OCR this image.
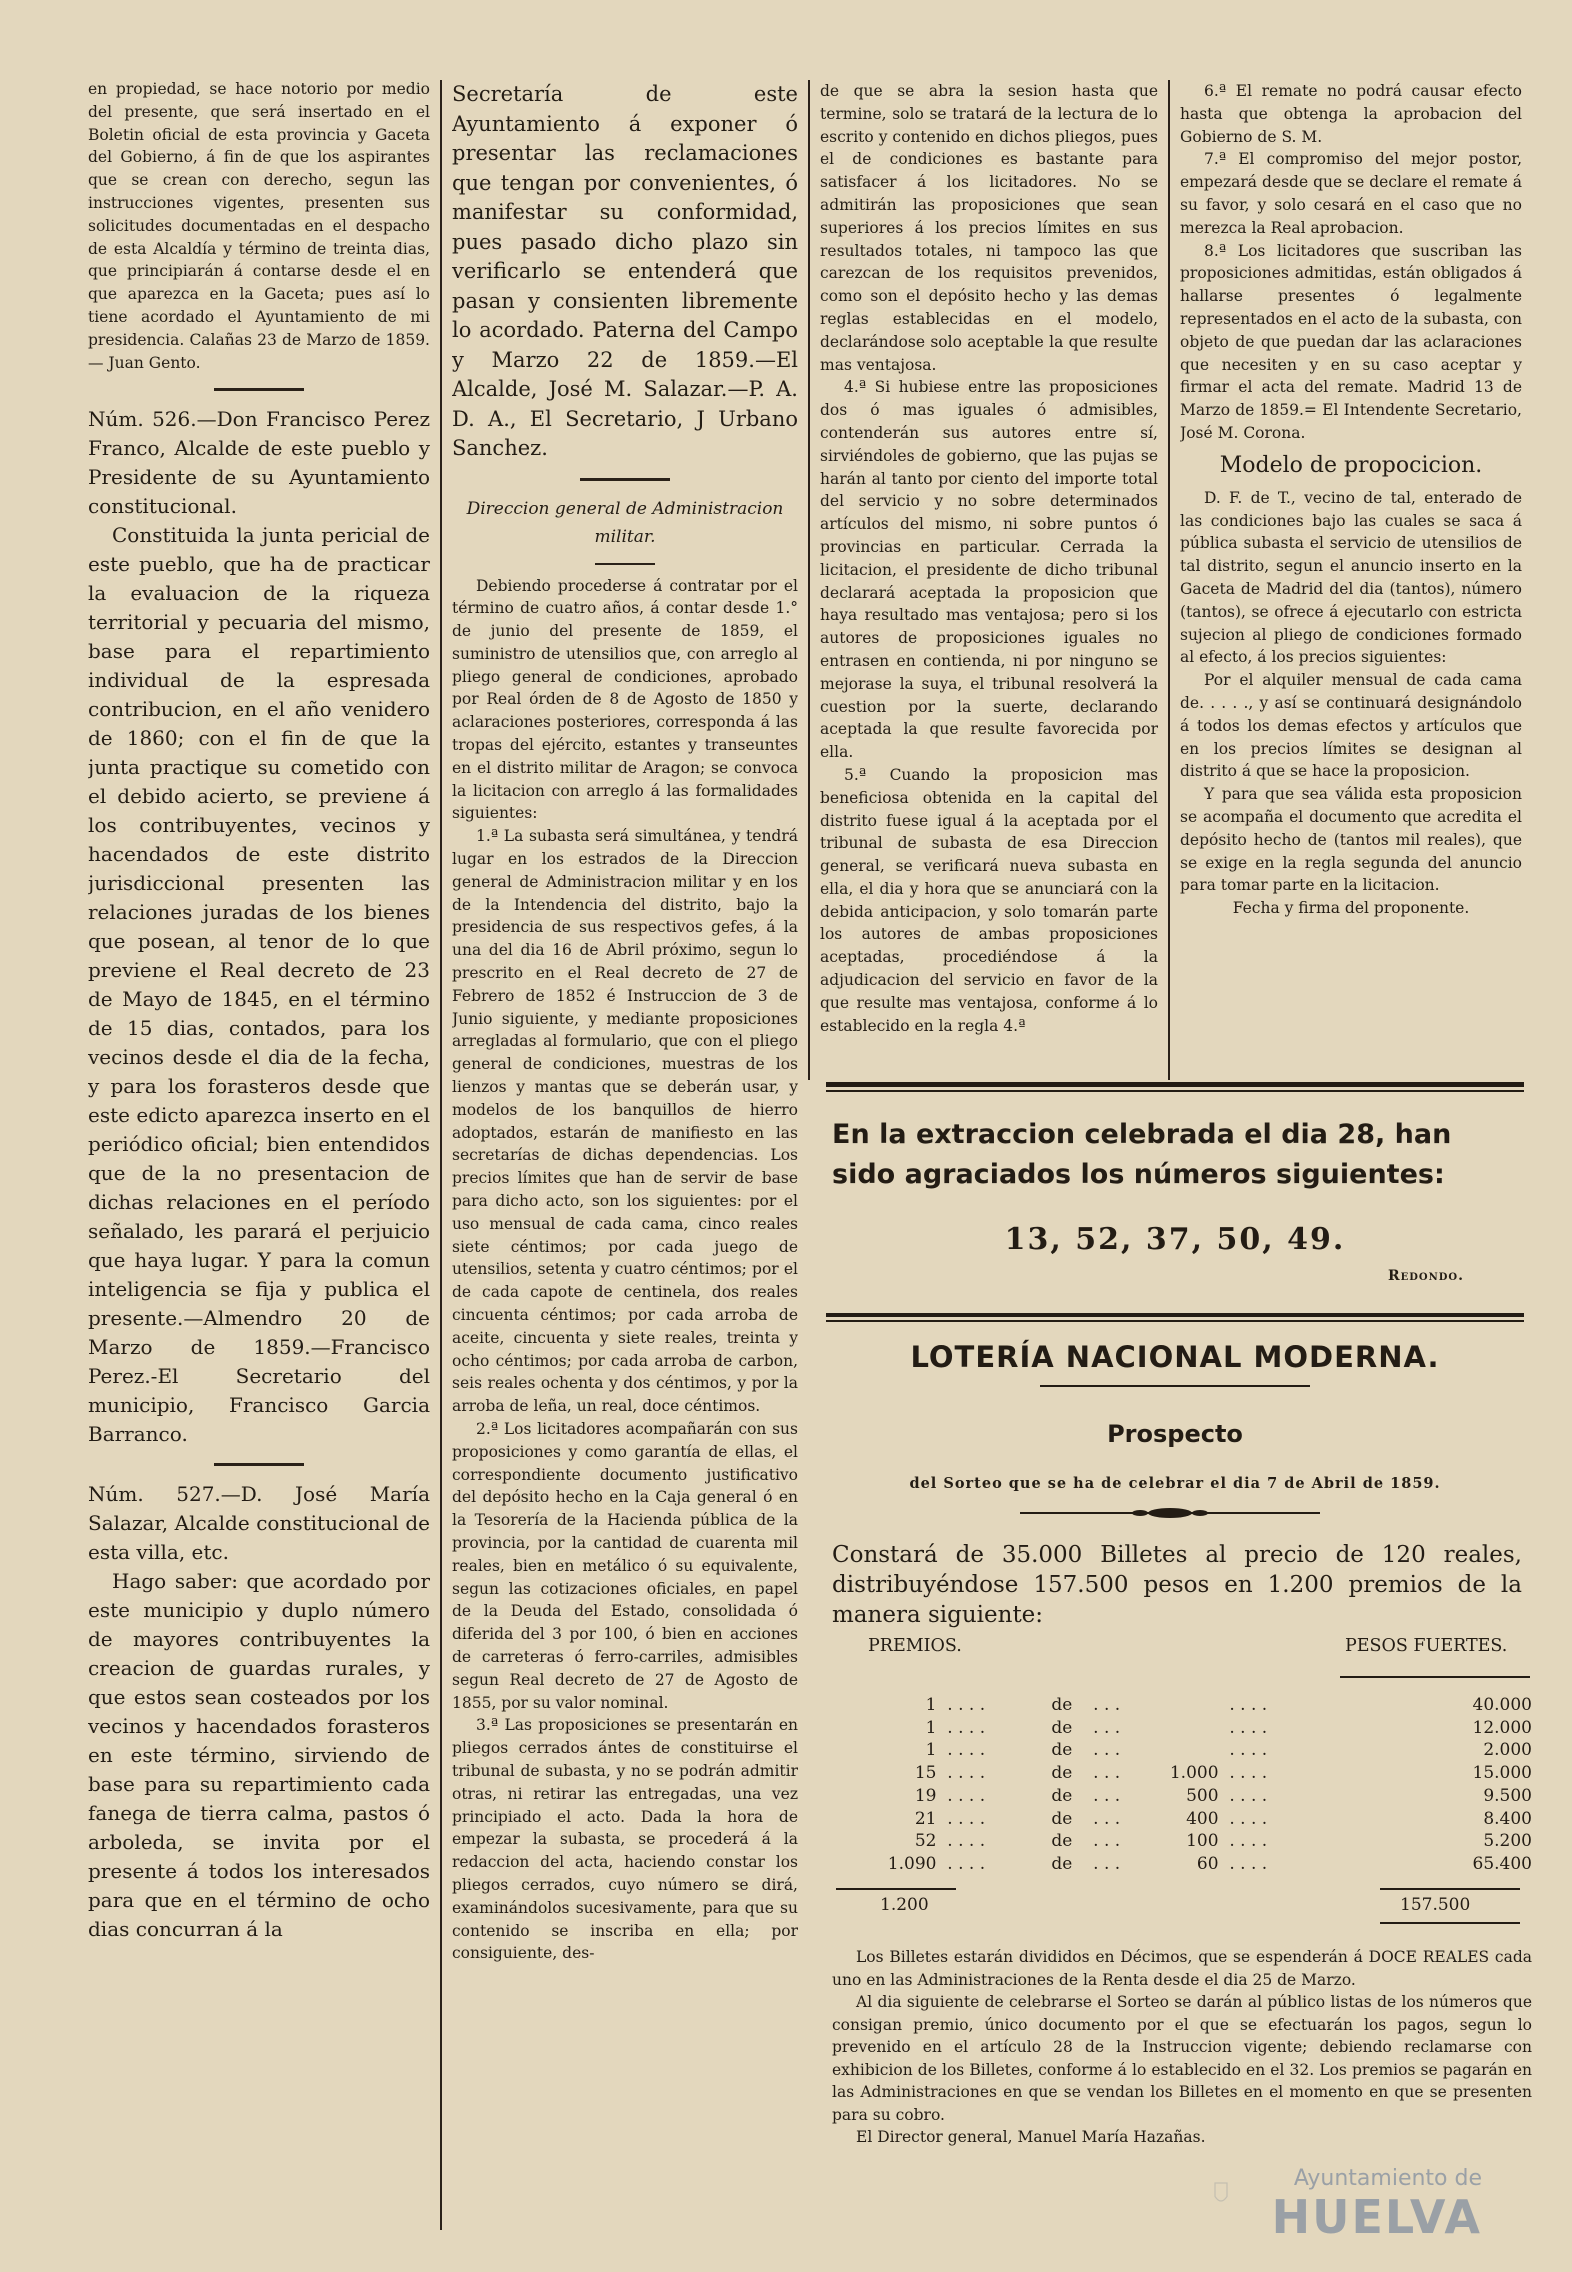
en propiedad, se hace notorio por medio del presente, que será insertado en el Boletin oficial de esta provincia y Gaceta del Gobierno, á fin de que los aspirantes que se crean con derecho, segun las instrucciones vigentes, presenten sus solicitudes documentadas en el despacho de esta Alcaldía y término de treinta dias, que principiarán á contarse desde el en que aparezca en la Gaceta; pues así lo tiene acordado el Ayuntamiento de mi presidencia. Calañas 23 de Marzo de 1859.— Juan Gento.

Núm. 526.—Don Francisco Perez Franco, Alcalde de este pueblo y Presidente de su Ayuntamiento constitucional.

Constituida la junta pericial de este pueblo, que ha de practicar la evaluacion de la riqueza territorial y pecuaria del mismo, base para el repartimiento individual de la espresada contribucion, en el año venidero de 1860; con el fin de que la junta practique su cometido con el debido acierto, se previene á los contribuyentes, vecinos y hacendados de este distrito jurisdiccional presenten las relaciones juradas de los bienes que posean, al tenor de lo que previene el Real decreto de 23 de Mayo de 1845, en el término de 15 dias, contados, para los vecinos desde el dia de la fecha, y para los forasteros desde que este edicto aparezca inserto en el periódico oficial; bien entendidos que de la no presentacion de dichas relaciones en el período señalado, les parará el perjuicio que haya lugar. Y para la comun inteligencia se fija y publica el presente.—Almendro 20 de Marzo de 1859.—Francisco Perez.-El Secretario del municipio, Francisco Garcia Barranco.

Núm. 527.—D. José María Salazar, Alcalde constitucional de esta villa, etc.

Hago saber: que acordado por este municipio y duplo número de mayores contribuyentes la creacion de guardas rurales, y que estos sean costeados por los vecinos y hacendados forasteros en este término, sirviendo de base para su repartimiento cada fanega de tierra calma, pastos ó arboleda, se invita por el presente á todos los interesados para que en el término de ocho dias concurran á la

Secretaría de este Ayuntamiento á exponer ó presentar las reclamaciones que tengan por convenientes, ó manifestar su conformidad, pues pasado dicho plazo sin verificarlo se entenderá que pasan y consienten libremente lo acordado. Paterna del Campo y Marzo 22 de 1859.—El Alcalde, José M. Salazar.—P. A. D. A., El Secretario, J Urbano Sanchez.

Direccion general de Administracion militar.

Debiendo procederse á contratar por el término de cuatro años, á contar desde 1.° de junio del presente de 1859, el suministro de utensilios que, con arreglo al pliego general de condiciones, aprobado por Real órden de 8 de Agosto de 1850 y aclaraciones posteriores, corresponda á las tropas del ejército, estantes y transeuntes en el distrito militar de Aragon; se convoca la licitacion con arreglo á las formalidades siguientes:

1.ª La subasta será simultánea, y tendrá lugar en los estrados de la Direccion general de Administracion militar y en los de la Intendencia del distrito, bajo la presidencia de sus respectivos gefes, á la una del dia 16 de Abril próximo, segun lo prescrito en el Real decreto de 27 de Febrero de 1852 é Instruccion de 3 de Junio siguiente, y mediante proposiciones arregladas al formulario, que con el pliego general de condiciones, muestras de los lienzos y mantas que se deberán usar, y modelos de los banquillos de hierro adoptados, estarán de manifiesto en las secretarías de dichas dependencias. Los precios límites que han de servir de base para dicho acto, son los siguientes: por el uso mensual de cada cama, cinco reales siete céntimos; por cada juego de utensilios, setenta y cuatro céntimos; por el de cada capote de centinela, dos reales cincuenta céntimos; por cada arroba de aceite, cincuenta y siete reales, treinta y ocho céntimos; por cada arroba de carbon, seis reales ochenta y dos céntimos, y por la arroba de leña, un real, doce céntimos.

2.ª Los licitadores acompañarán con sus proposiciones y como garantía de ellas, el correspondiente documento justificativo del depósito hecho en la Caja general ó en la Tesorería de la Hacienda pública de la provincia, por la cantidad de cuarenta mil reales, bien en metálico ó su equivalente, segun las cotizaciones oficiales, en papel de la Deuda del Estado, consolidada ó diferida del 3 por 100, ó bien en acciones de carreteras ó ferro-carriles, admisibles segun Real decreto de 27 de Agosto de 1855, por su valor nominal.

3.ª Las proposiciones se presentarán en pliegos cerrados ántes de constituirse el tribunal de subasta, y no se podrán admitir otras, ni retirar las entregadas, una vez principiado el acto. Dada la hora de empezar la subasta, se procederá á la redaccion del acta, haciendo constar los pliegos cerrados, cuyo número se dirá, examinándolos sucesivamente, para que su contenido se inscriba en ella; por consiguiente, des-

de que se abra la sesion hasta que termine, solo se tratará de la lectura de lo escrito y contenido en dichos pliegos, pues el de condiciones es bastante para satisfacer á los licitadores. No se admitirán las proposiciones que sean superiores á los precios límites en sus resultados totales, ni tampoco las que carezcan de los requisitos prevenidos, como son el depósito hecho y las demas reglas establecidas en el modelo, declarándose solo aceptable la que resulte mas ventajosa.

4.ª Si hubiese entre las proposiciones dos ó mas iguales ó admisibles, contenderán sus autores entre sí, sirviéndoles de gobierno, que las pujas se harán al tanto por ciento del importe total del servicio y no sobre determinados artículos del mismo, ni sobre puntos ó provincias en particular. Cerrada la licitacion, el presidente de dicho tribunal declarará aceptada la proposicion que haya resultado mas ventajosa; pero si los autores de proposiciones iguales no entrasen en contienda, ni por ninguno se mejorase la suya, el tribunal resolverá la cuestion por la suerte, declarando aceptada la que resulte favorecida por ella.

5.ª Cuando la proposicion mas beneficiosa obtenida en la capital del distrito fuese igual á la aceptada por el tribunal de subasta de esa Direccion general, se verificará nueva subasta en ella, el dia y hora que se anunciará con la debida anticipacion, y solo tomarán parte los autores de ambas proposiciones aceptadas, procediéndose á la adjudicacion del servicio en favor de la que resulte mas ventajosa, conforme á lo establecido en la regla 4.ª

6.ª El remate no podrá causar efecto hasta que obtenga la aprobacion del Gobierno de S. M.

7.ª El compromiso del mejor postor, empezará desde que se declare el remate á su favor, y solo cesará en el caso que no merezca la Real aprobacion.

8.ª Los licitadores que suscriban las proposiciones admitidas, están obligados á hallarse presentes ó legalmente representados en el acto de la subasta, con objeto de que puedan dar las aclaraciones que necesiten y en su caso aceptar y firmar el acta del remate. Madrid 13 de Marzo de 1859.= El Intendente Secretario, José M. Corona.

Modelo de propocicion.

D. F. de T., vecino de tal, enterado de las condiciones bajo las cuales se saca á pública subasta el servicio de utensilios de tal distrito, segun el anuncio inserto en la Gaceta de Madrid del dia (tantos), número (tantos), se ofrece á ejecutarlo con estricta sujecion al pliego de condiciones formado al efecto, á los precios siguientes:

Por el alquiler mensual de cada cama de. . . . ., y así se continuará designándolo á todos los demas efectos y artículos que en los precios límites se designan al distrito á que se hace la proposicion.

Y para que sea válida esta proposicion se acompaña el documento que acredita el depósito hecho de (tantos mil reales), que se exige en la regla segunda del anuncio para tomar parte en la licitacion.

Fecha y firma del proponente.

En la extraccion celebrada el dia 28, han sido agraciados los números siguientes:

13, 52, 37, 50, 49.

Redondo.

LOTERÍA NACIONAL MODERNA.

Prospecto

del Sorteo que se ha de celebrar el dia 7 de Abril de 1859.

Constará de 35.000 Billetes al precio de 120 reales, distribuyéndose 157.500 pesos en 1.200 premios de la manera siguiente:

PREMIOS.	PESOS FUERTES.
1	. . . .	de	. . .		. . . .	40.000
1	. . . .	de	. . .		. . . .	12.000
1	. . . .	de	. . .		. . . .	2.000
15	. . . .	de	. . .	1.000	. . . .	15.000
19	. . . .	de	. . .	500	. . . .	9.500
21	. . . .	de	. . .	400	. . . .	8.400
52	. . . .	de	. . .	100	. . . .	5.200
1.090	. . . .	de	. . .	60	. . . .	65.400
1.200	157.500

Los Billetes estarán divididos en Décimos, que se espenderán á DOCE REALES cada uno en las Administraciones de la Renta desde el dia 25 de Marzo.

Al dia siguiente de celebrarse el Sorteo se darán al público listas de los números que consigan premio, único documento por el que se efectuarán los pagos, segun lo prevenido en el artículo 28 de la Instruccion vigente; debiendo reclamarse con exhibicion de los Billetes, conforme á lo establecido en el 32. Los premios se pagarán en las Administraciones en que se vendan los Billetes en el momento en que se presenten para su cobro.

El Director general, Manuel María Hazañas.

Ayuntamiento de
HUELVA
